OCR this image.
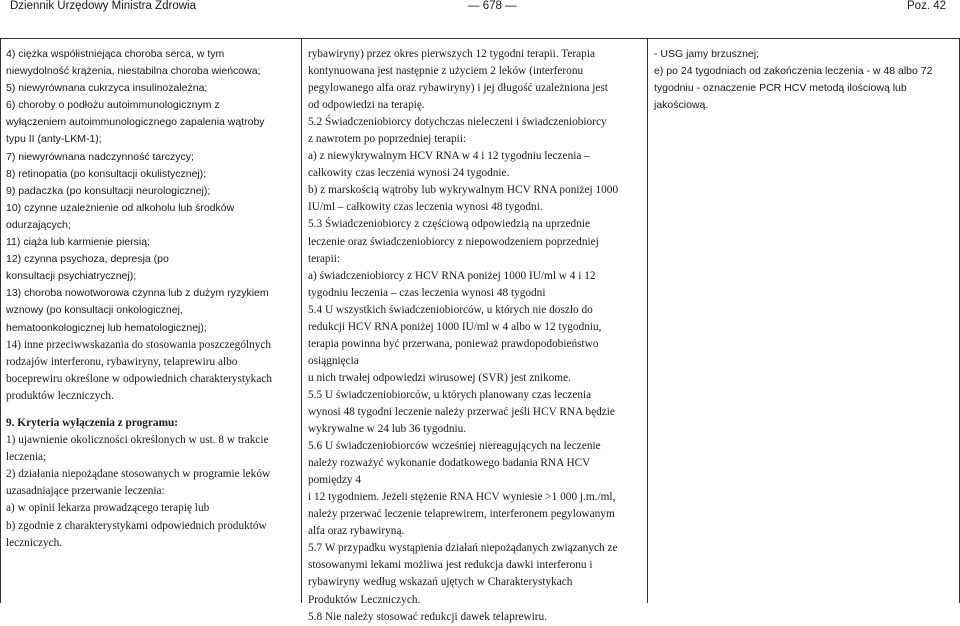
Dziennik Urzędowy Ministra Zdrowia	— 678 —	Poz. 42
4) ciężka współistniejąca choroba serca, w tym
niewydolność krążenia, niestabilna choroba wieńcowa;
5) niewyrównana cukrzyca insulinozależna;
6) choroby o podłożu autoimmunologicznym z
wyłączeniem autoimmunologicznego zapalenia wątroby
typu II (anty-LKM-1);
7) niewyrównana nadczynność tarczycy;
8) retinopatia (po konsultacji okulistycznej);
9) padaczka (po konsultacji neurologicznej);
10) czynne uzależnienie od alkoholu lub środków
odurzających;
11) ciąża lub karmienie piersią;
12) czynna psychoza, depresja (po
konsultacji psychiatrycznej);
13) choroba nowotworowa czynna lub z dużym ryzykiem
wznowy (po konsultacji onkologicznej,
hematoonkologicznej lub hematologicznej);
14) inne przeciwwskazania do stosowania poszczególnych
rodzajów interferonu, rybawiryny, telaprewiru albo
boceprewiru określone w odpowiednich charakterystykach
produktów leczniczych.
9. Kryteria wyłączenia z programu:
1) ujawnienie okoliczności określonych w ust. 8 w trakcie
leczenia;
2) działania niepożądane stosowanych w programie leków
uzasadniające przerwanie leczenia:
a) w opinii lekarza prowadzącego terapię lub
b) zgodnie z charakterystykami odpowiednich produktów
leczniczych.
rybawiryny) przez okres pierwszych 12 tygodni terapii. Terapia
kontynuowana jest następnie z użyciem 2 leków (interferonu
pegylowanego alfa oraz rybawiryny) i jej długość uzależniona jest
od odpowiedzi na terapię.
5.2 Świadczeniobiorcy dotychczas nieleczeni i świadczeniobiorcy
z nawrotem po poprzedniej terapii:
a) z niewykrywalnym HCV RNA w 4 i 12 tygodniu leczenia –
całkowity czas leczenia wynosi 24 tygodnie.
b) z marskością wątroby lub wykrywalnym HCV RNA poniżej 1000
IU/ml – całkowity czas leczenia wynosi 48 tygodni.
5.3 Świadczeniobiorcy z częściową odpowiedzią na uprzednie
leczenie oraz świadczeniobiorcy z niepowodzeniem poprzedniej
terapii:
a) świadczeniobiorcy z HCV RNA poniżej 1000 IU/ml w 4 i 12
tygodniu leczenia – czas leczenia wynosi 48 tygodni
5.4 U wszystkich świadczeniobiorców, u których nie doszło do
redukcji HCV RNA poniżej 1000 IU/ml w 4 albo w 12 tygodniu,
terapia powinna być przerwana, ponieważ prawdopodobieństwo
osiągnięcia
u nich trwałej odpowiedzi wirusowej (SVR) jest znikome.
5.5 U świadczeniobiorców, u których planowany czas leczenia
wynosi 48 tygodni leczenie należy przerwać jeśli HCV RNA będzie
wykrywalne w 24 lub 36 tygodniu.
5.6 U świadczeniobiorców wcześniej niereagujących na leczenie
należy rozważyć wykonanie dodatkowego badania RNA HCV
pomiędzy 4
i 12 tygodniem. Jeżeli stężenie RNA HCV wyniesie >1 000 j.m./ml,
należy przerwać leczenie telaprewirem, interferonem pegylowanym
alfa oraz rybawiryną.
5.7 W przypadku wystąpienia działań niepożądanych związanych ze
stosowanymi lekami możliwa jest redukcja dawki interferonu i
rybawiryny według wskazań ujętych w Charakterystykach
Produktów Leczniczych.
5.8 Nie należy stosować redukcji dawek telaprewiru.
- USG jamy brzusznej;
e) po 24 tygodniach od zakończenia leczenia - w 48 albo 72
tygodniu - oznaczenie PCR HCV metodą ilościową lub
jakościową.
